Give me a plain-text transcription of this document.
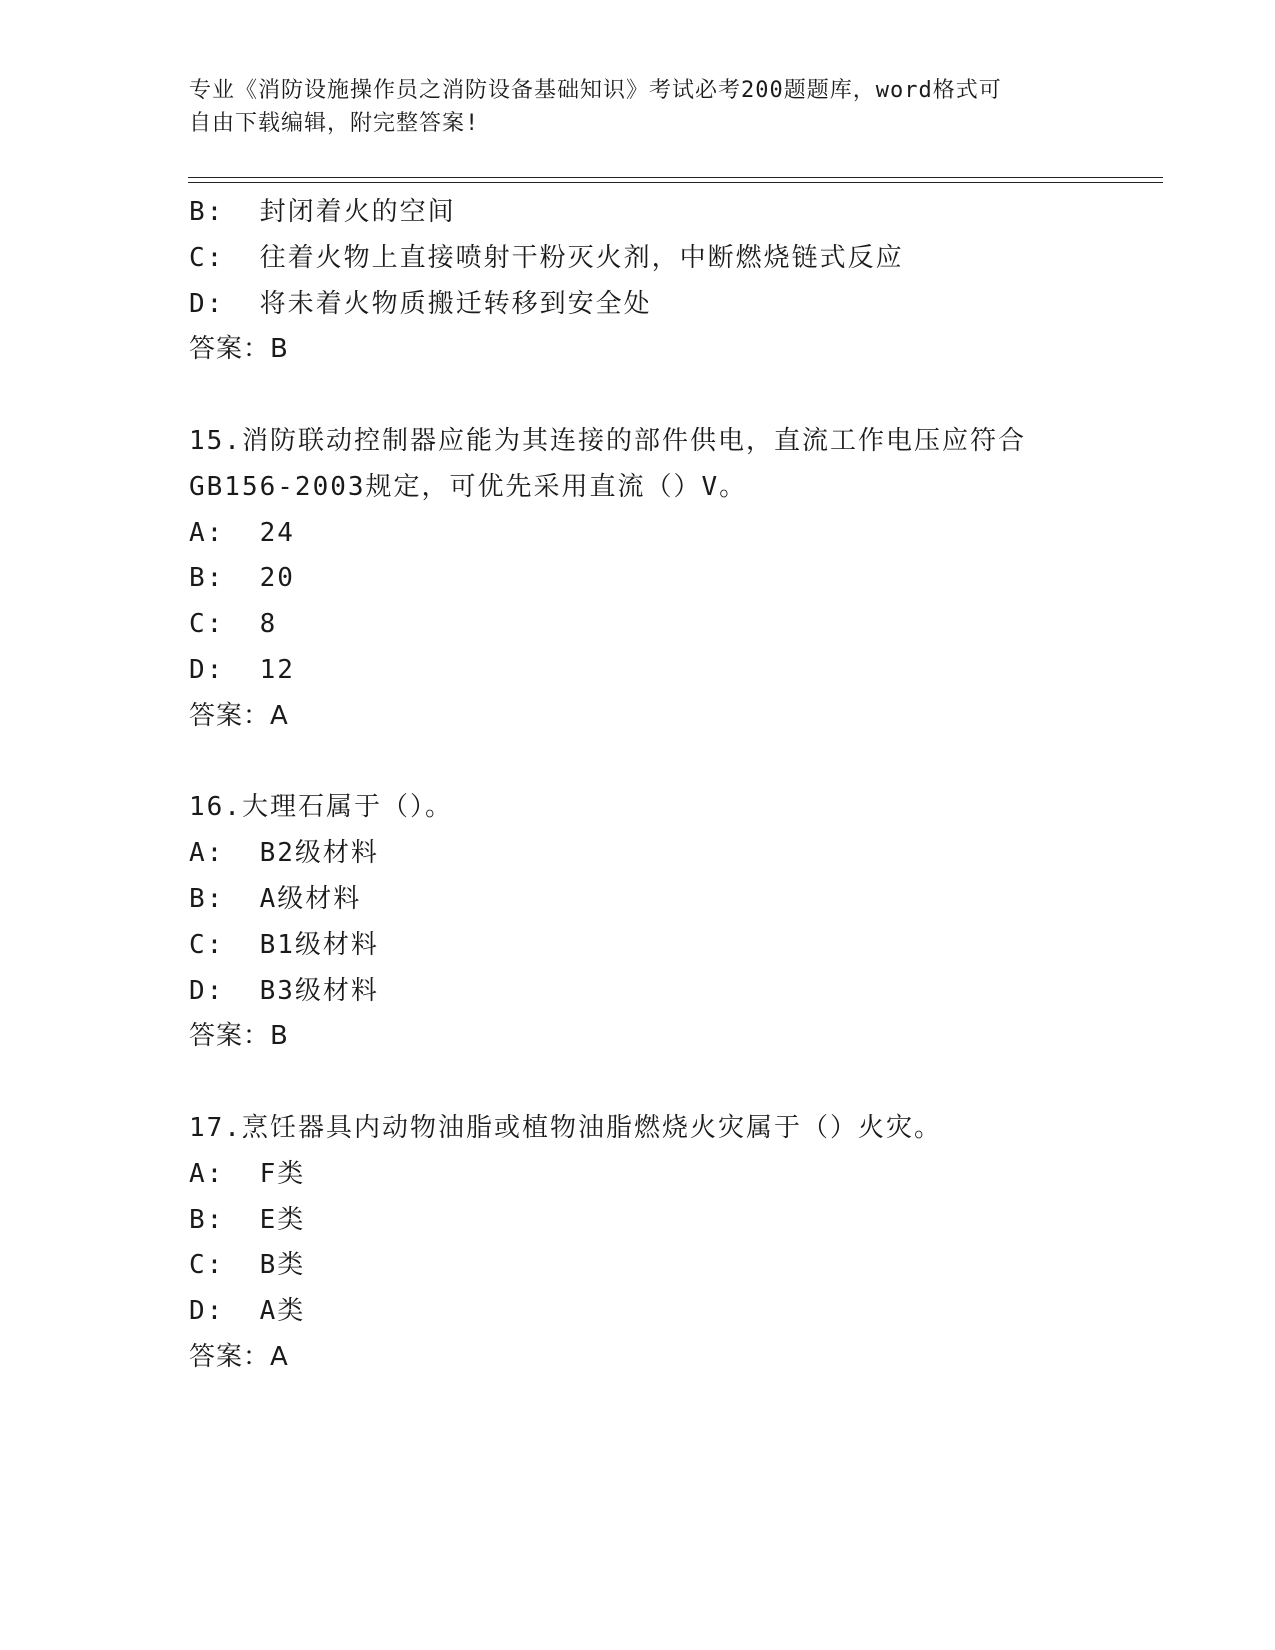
专业《消防设施操作员之消防设备基础知识》考试必考200题题库，word格式可

自由下载编辑，附完整答案!

B:  封闭着火的空间
C:  往着火物上直接喷射干粉灭火剂，中断燃烧链式反应
D:  将未着火物质搬迁转移到安全处
答案：B
15.消防联动控制器应能为其连接的部件供电，直流工作电压应符合
GB156-2003规定，可优先采用直流（）V。
A:  24
B:  20
C:  8
D:  12
答案：A
16.大理石属于（）。
A:  B2级材料
B:  A级材料
C:  B1级材料
D:  B3级材料
答案：B
17.烹饪器具内动物油脂或植物油脂燃烧火灾属于（）火灾。
A:  F类
B:  E类
C:  B类
D:  A类
答案：A
